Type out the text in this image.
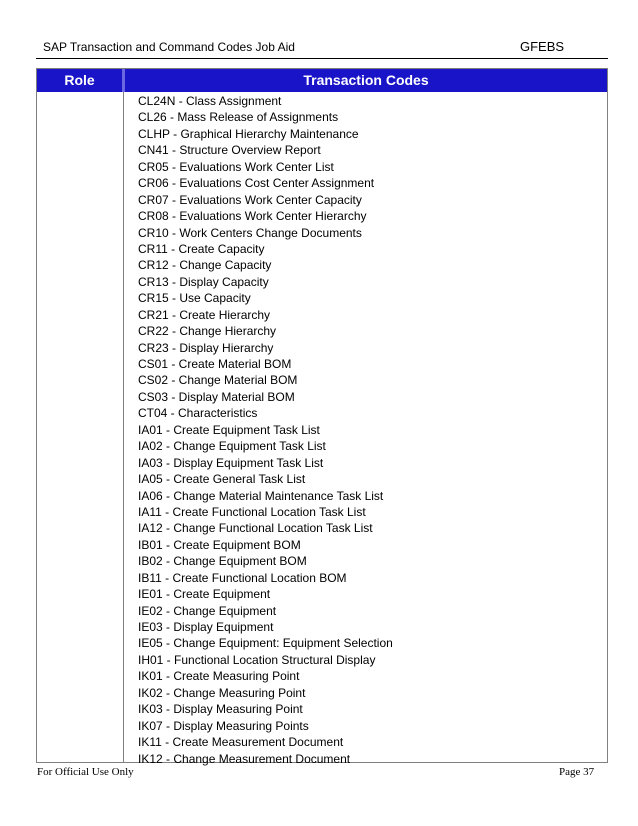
SAP Transaction and Command Codes Job Aid	GFEBS
Role	Transaction Codes
CL24N - Class Assignment
CL26 - Mass Release of Assignments
CLHP - Graphical Hierarchy Maintenance
CN41 - Structure Overview Report
CR05 - Evaluations Work Center List
CR06 - Evaluations Cost Center Assignment
CR07 - Evaluations Work Center Capacity
CR08 - Evaluations Work Center Hierarchy
CR10 - Work Centers Change Documents
CR11 - Create Capacity
CR12 - Change Capacity
CR13 - Display Capacity
CR15 - Use Capacity
CR21 - Create Hierarchy
CR22 - Change Hierarchy
CR23 - Display Hierarchy
CS01 - Create Material BOM
CS02 - Change Material BOM
CS03 - Display Material BOM
CT04 - Characteristics
IA01 - Create Equipment Task List
IA02 - Change Equipment Task List
IA03 - Display Equipment Task List
IA05 - Create General Task List
IA06 - Change Material Maintenance Task List
IA11 - Create Functional Location Task List
IA12 - Change Functional Location Task List
IB01 - Create Equipment BOM
IB02 - Change Equipment BOM
IB11 - Create Functional Location BOM
IE01 - Create Equipment
IE02 - Change Equipment
IE03 - Display Equipment
IE05 - Change Equipment: Equipment Selection
IH01 - Functional Location Structural Display
IK01 - Create Measuring Point
IK02 - Change Measuring Point
IK03 - Display Measuring Point
IK07 - Display Measuring Points
IK11 - Create Measurement Document
IK12 - Change Measurement Document
For Official Use Only	Page 37
